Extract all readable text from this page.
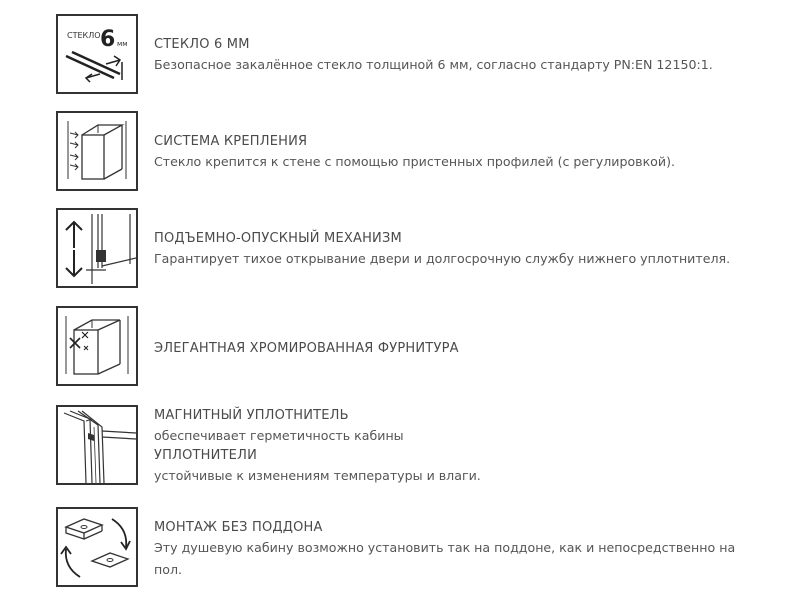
СТЕКЛО 6 мм СТЕКЛО 6 ММ
Безопасное закалённое стекло толщиной 6 мм, согласно стандарту PN:EN 12150:1.
СИСТЕМА КРЕПЛЕНИЯ
Стекло крепится к стене с помощью пристенных профилей (с регулировкой).
ПОДЪЕМНО-ОПУСКНЫЙ МЕХАНИЗМ
Гарантирует тихое открывание двери и долгосрочную службу нижнего уплотнителя.
ЭЛЕГАНТНАЯ ХРОМИРОВАННАЯ ФУРНИТУРА
МАГНИТНЫЙ УПЛОТНИТЕЛЬ
обеспечивает герметичность кабины
УПЛОТНИТЕЛИ
устойчивые к изменениям температуры и влаги.
МОНТАЖ БЕЗ ПОДДОНА
Эту душевую кабину возможно установить так на поддоне, как и непосредственно на
пол.
